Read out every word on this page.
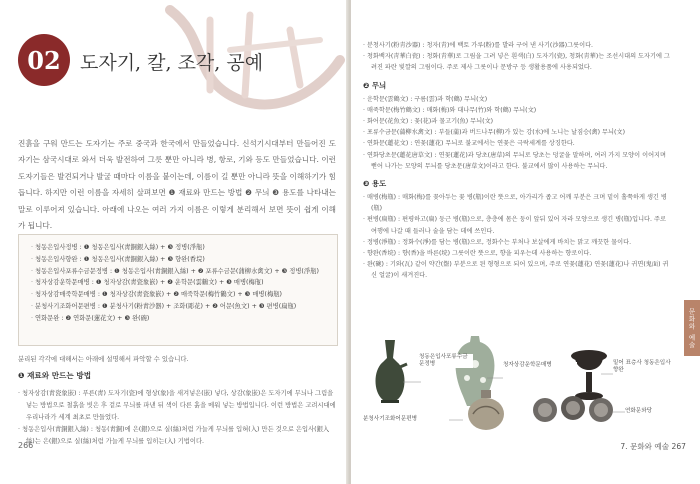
02	도자기, 칼, 조각, 공예
진흙을 구워 만드는 도자기는 주로 중국과 한국에서 만들었습니다. 신석기시대부터 만들어진 도자기는 삼국시대로 와서 더욱 발전하여 그릇 뿐만 아니라 병, 항로, 기와 등도 만들었습니다. 이런 도자기들은 발견되거나 발굴 때마다 이름을 붙이는데, 이름이 길 뿐만 아니라 뜻을 이해하기가 힘듭니다. 하지만 이런 이름을 자세히 살펴보면 ❶ 재료와 만드는 방법 ❷ 무늬 ❸ 용도를 나타내는 말로 이루어져 있습니다. 아래에 나오는 여러 가지 이름은 이렇게 분리해서 보면 뜻이 쉽게 이해가 됩니다.
· 청동은입사정병 : ❶ 청동은입사(靑銅銀入絲) + ❸ 정병(淨甁)
· 청동은입사향완 : ❶ 청동은입사(靑銅銀入絲) + ❸ 향완(香垸)
· 청동은입사포류수금문정병 : ❶ 청동은입사(靑銅銀入絲) + ❷ 포류수금문(蒲柳水禽文) + ❸ 정병(淨甁)
· 청자상감운학문매병 : ❶ 청자상감(靑瓷象嵌) + ❷ 운학문(雲鶴文) + ❸ 매병(梅甁)
· 청자상감매죽학문매병 : ❶ 청자상감(靑瓷象嵌) + ❷ 매죽학문(梅竹鶴文) + ❸ 매병(梅甁)
· 분청사기조화어문편병 : ❶ 분청사기(粉靑沙器) + 조화(彫花) + ❷ 어문(魚文) + ❸ 편병(扁甁)
· 연화문완 : ❷ 연화문(蓮花文) + ❸ 완(碗)
분리된 각각에 대해서는 아래에 설명해서 파악할 수 있습니다.
❶ 재료와 만드는 방법
· 청자상감(靑瓷象嵌) : 푸른(靑) 도자기(瓷)에 형상(象)을 새겨넣은(嵌) 넣다, 상감(象嵌)은 도자기에 무늬나 그림을 넣는 방법으로 철흙을 빗은 후 겉로 무늬를 파낸 뒤 색이 다른 흙을 메워 넣는 방법입니다. 이런 방법은 고려시대에 우리나라가 세계 최초로 만들었다.
· 청동은입사(靑銅銀入絲) : 청동(靑銅)에 은(銀)으로 실(絲)처럼 가늘게 무늬를 입혀(入) 만든 것으로 은입사(銀入絲)는 은(銀)으로 실(絲)처럼 가늘게 무늬를 입히는(入) 기법이다.
266
· 분청사기(粉靑沙器) : 청자(靑)에 백토 가루(粉)를 발라 구어 낸 사기(沙器)그릇이다.
· 청화백자(靑華白瓷) : 청화(靑華)로 그림을 그려 넣은 흰색(白) 도자기(瓷), 청화(靑華)는 조선시대의 도자기에 그려진 파란 빛깔의 그림이다. 주로 제사 그릇이나 문방구 등 생활용품에 사용되었다.
❷ 무늬
· 운학문(雲鶴文) : 구름(雲)과 학(鶴) 무늬(文)
· 매죽학문(梅竹鶴文) : 매화(梅)와 대나무(竹)와 학(鶴) 무늬(文)
· 화어문(花魚文) : 꽃(花)과 물고기(魚) 무늬(文)
· 포류수금문(蒲柳水禽文) : 부들(蒲)과 버드나무(柳)가 있는 강(水)에 노니는 날짐승(禽) 무늬(文)
· 연화문(蓮花文) : 연꽃(蓮花) 무늬로 불교에서는 연꽃은 극락세계를 상징한다.
· 연화당초문(蓮花唐草文) : 연꽃(蓮花)과 당초(唐草)의 무늬로 당초는 덩굴을 말하며, 여러 가지 모양이 이어지며 뻗어 나가는 모양의 무늬를 당초문(唐草文)이라고 한다. 불교에서 많이 사용하는 무늬다.
❸ 용도
· 매병(梅甁) : 매화(梅)를 꽂아두는 꽃 병(甁)이란 뜻으로, 아가리가 좁고 어깨 부분은 크며 밑이 홀쭉하게 생긴 병(甁)
· 편병(扁甁) : 편평하고(扁) 둥근 병(甁)으로, 층층에 몸은 둥이 앞뒤 있어 자라 모양으로 생긴 병(甁)입니다. 주로 여행에 나갈 때 들러나 술을 담는 데에 쓰인다.
· 정병(淨甁) : 정화수(淨)를 담는 병(甁)으로, 정화수는 부처나 보살에게 바치는 맑고 깨끗한 물이다.
· 향완(香垸) : 향(香)을 바른(垸) 그릇이란 뜻으로, 향을 피우는데 사용하는 향로이다.
· 완(碗) : 기와(瓦) 같이 약간(盌) 부분으로 된 형형으로 되어 있으며, 주로 연꽃(蓮花) 연꽃(蓮花)나 귀면(鬼面) 귀신 얼굴)이 새겨진다.
청동은입사포류수금문정병	청자상감운학문매병	밑어 표층사 청동은입사향완
분청사기조화어문편병
연화문와당
문화와 예술
7. 문화와 예술 267
